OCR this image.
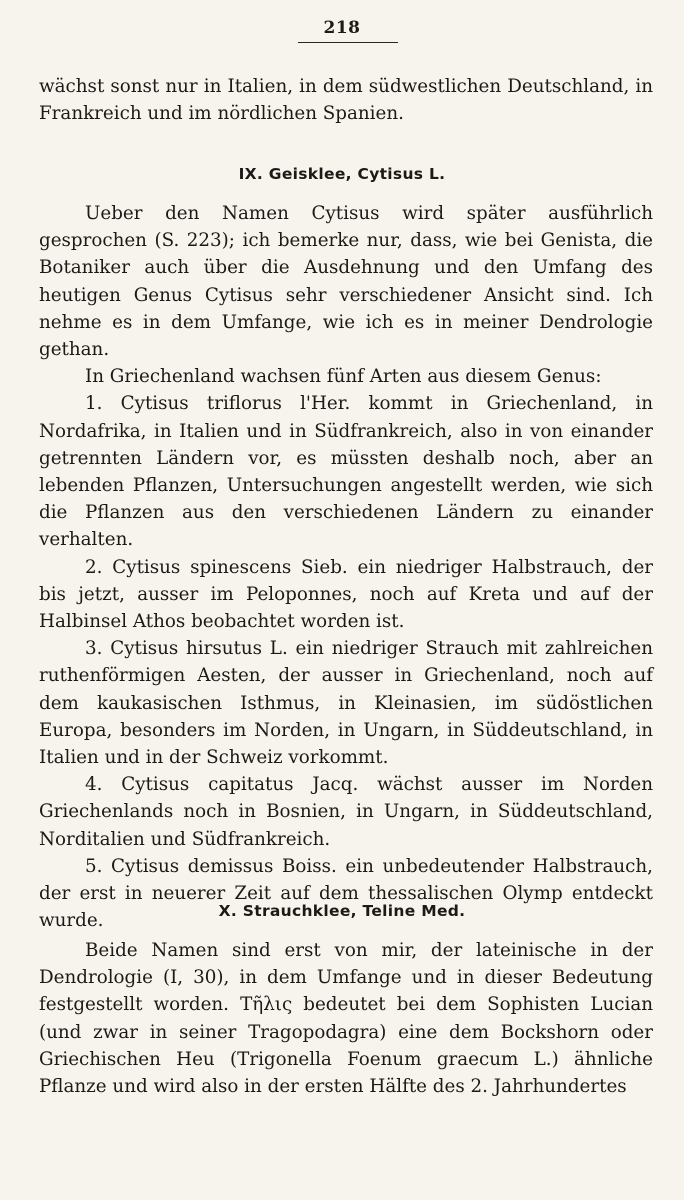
218

wächst sonst nur in Italien, in dem südwestlichen Deutschland, in Frankreich und im nördlichen Spanien.

IX. Geisklee, Cytisus L.

Ueber den Namen Cytisus wird später ausführlich gesprochen (S. 223); ich bemerke nur, dass, wie bei Genista, die Botaniker auch über die Ausdehnung und den Umfang des heutigen Genus Cytisus sehr verschiedener Ansicht sind. Ich nehme es in dem Umfange, wie ich es in meiner Dendrologie gethan.

In Griechenland wachsen fünf Arten aus diesem Genus:

1. Cytisus triflorus l'Her. kommt in Griechenland, in Nordafrika, in Italien und in Südfrankreich, also in von einander getrennten Ländern vor, es müssten deshalb noch, aber an lebenden Pflanzen, Untersuchungen angestellt werden, wie sich die Pflanzen aus den verschiedenen Ländern zu einander verhalten.

2. Cytisus spinescens Sieb. ein niedriger Halbstrauch, der bis jetzt, ausser im Peloponnes, noch auf Kreta und auf der Halbinsel Athos beobachtet worden ist.

3. Cytisus hirsutus L. ein niedriger Strauch mit zahlreichen ruthenförmigen Aesten, der ausser in Griechenland, noch auf dem kaukasischen Isthmus, in Kleinasien, im südöstlichen Europa, besonders im Norden, in Ungarn, in Süddeutschland, in Italien und in der Schweiz vorkommt.

4. Cytisus capitatus Jacq. wächst ausser im Norden Griechenlands noch in Bosnien, in Ungarn, in Süddeutschland, Norditalien und Südfrankreich.

5. Cytisus demissus Boiss. ein unbedeutender Halbstrauch, der erst in neuerer Zeit auf dem thessalischen Olymp entdeckt wurde.	X. Strauchklee, Teline Med.

Beide Namen sind erst von mir, der lateinische in der Dendrologie (I, 30), in dem Umfange und in dieser Bedeutung festgestellt worden. Τῆλις bedeutet bei dem Sophisten Lucian (und zwar in seiner Tragopodagra) eine dem Bockshorn oder Griechischen Heu (Trigonella Foenum graecum L.) ähnliche Pflanze und wird also in der ersten Hälfte des 2. Jahrhundertes
